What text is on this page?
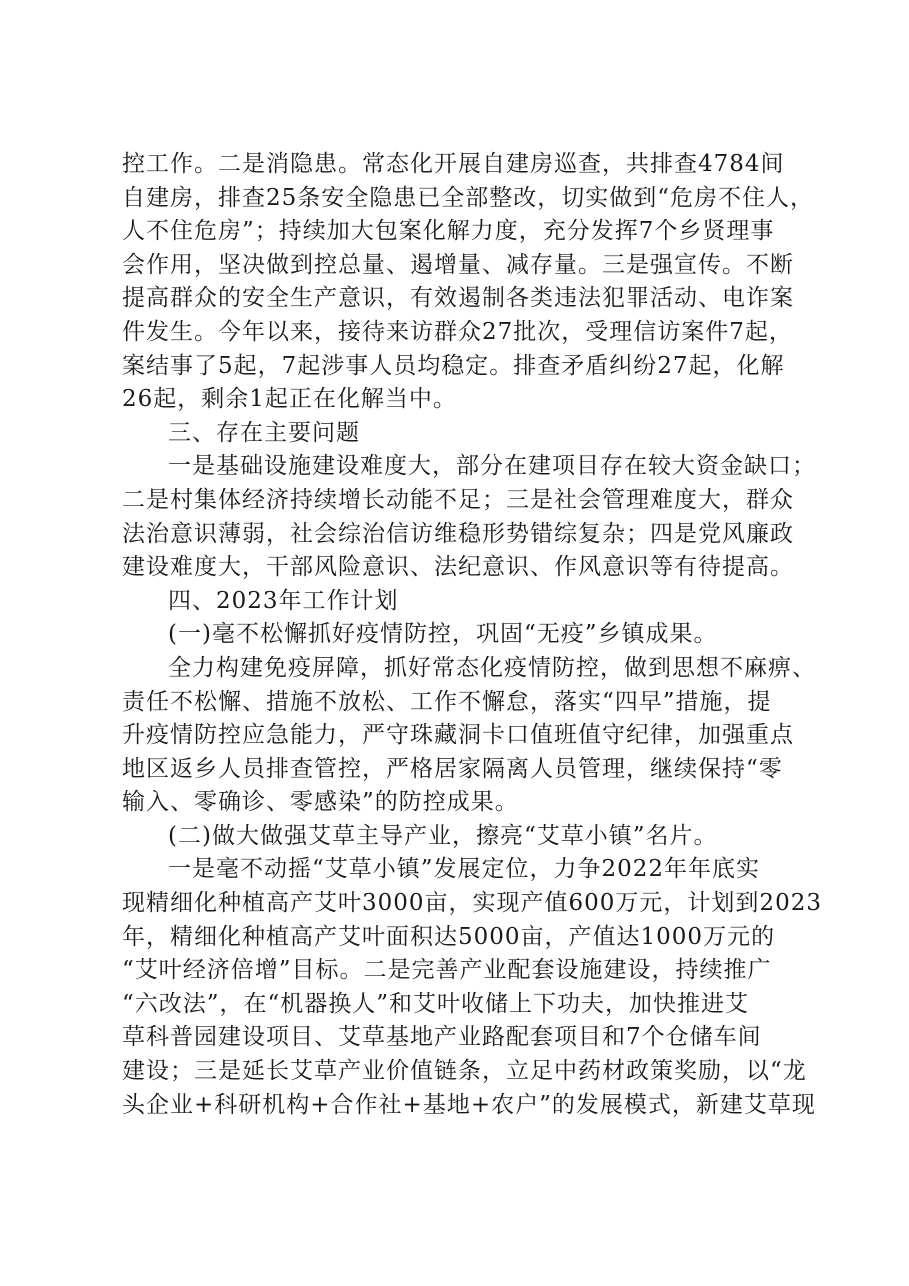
控工作。二是消隐患。常态化开展自建房巡查，共排查4784间
自建房，排查25条安全隐患已全部整改，切实做到“危房不住人，
人不住危房”；持续加大包案化解力度，充分发挥7个乡贤理事
会作用，坚决做到控总量、遏增量、减存量。三是强宣传。不断
提高群众的安全生产意识，有效遏制各类违法犯罪活动、电诈案
件发生。今年以来，接待来访群众27批次，受理信访案件7起，
案结事了5起，7起涉事人员均稳定。排查矛盾纠纷27起，化解
26起，剩余1起正在化解当中。
三、存在主要问题
一是基础设施建设难度大，部分在建项目存在较大资金缺口；
二是村集体经济持续增长动能不足；三是社会管理难度大，群众
法治意识薄弱，社会综治信访维稳形势错综复杂；四是党风廉政
建设难度大，干部风险意识、法纪意识、作风意识等有待提高。
四、2023年工作计划
(一)毫不松懈抓好疫情防控，巩固“无疫”乡镇成果。
全力构建免疫屏障，抓好常态化疫情防控，做到思想不麻痹、
责任不松懈、措施不放松、工作不懈怠，落实“四早”措施，提
升疫情防控应急能力，严守珠藏洞卡口值班值守纪律，加强重点
地区返乡人员排查管控，严格居家隔离人员管理，继续保持“零
输入、零确诊、零感染”的防控成果。
(二)做大做强艾草主导产业，擦亮“艾草小镇”名片。
一是毫不动摇“艾草小镇”发展定位，力争2022年年底实
现精细化种植高产艾叶3000亩，实现产值600万元，计划到2023
年，精细化种植高产艾叶面积达5000亩，产值达1000万元的
“艾叶经济倍增”目标。二是完善产业配套设施建设，持续推广
“六改法”，在“机器换人”和艾叶收储上下功夫，加快推进艾
草科普园建设项目、艾草基地产业路配套项目和7个仓储车间
建设；三是延长艾草产业价值链条，立足中药材政策奖励，以“龙
头企业+科研机构+合作社+基地+农户”的发展模式，新建艾草现
